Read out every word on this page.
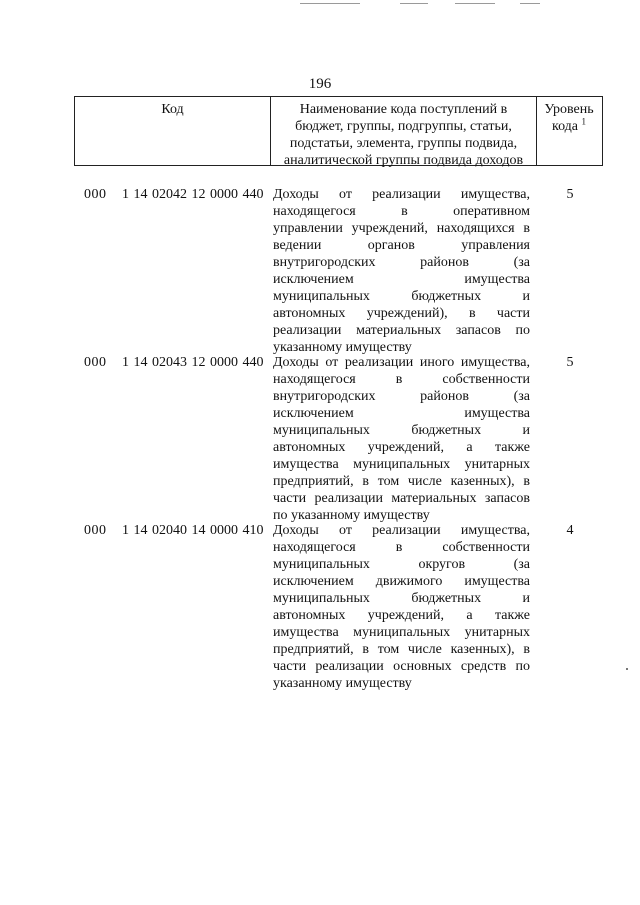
196
Код	Наименование кода поступлений в
бюджет, группы, подгруппы, статьи,
подстатьи, элемента, группы подвида,
аналитической группы подвида доходов
Уровень
кода $^1$
000 1 14 02042 12 0000 440 Доходы от реализации имущества,
находящегося в оперативном
управлении учреждений, находящихся в
ведении органов управления
внутригородских районов (за
исключением имущества
муниципальных бюджетных и
автономных учреждений), в части
реализации материальных запасов по
указанному имуществу
5
000 1 14 02043 12 0000 440 Доходы от реализации иного имущества,
находящегося в собственности
внутригородских районов (за
исключением имущества
муниципальных бюджетных и
автономных учреждений, а также
имущества муниципальных унитарных
предприятий, в том числе казенных), в
части реализации материальных запасов
по указанному имуществу
5
000 1 14 02040 14 0000 410 Доходы от реализации имущества,
находящегося в собственности
муниципальных округов (за
исключением движимого имущества
муниципальных бюджетных и
автономных учреждений, а также
имущества муниципальных унитарных
предприятий, в том числе казенных), в
части реализации основных средств по
указанному имуществу
4
